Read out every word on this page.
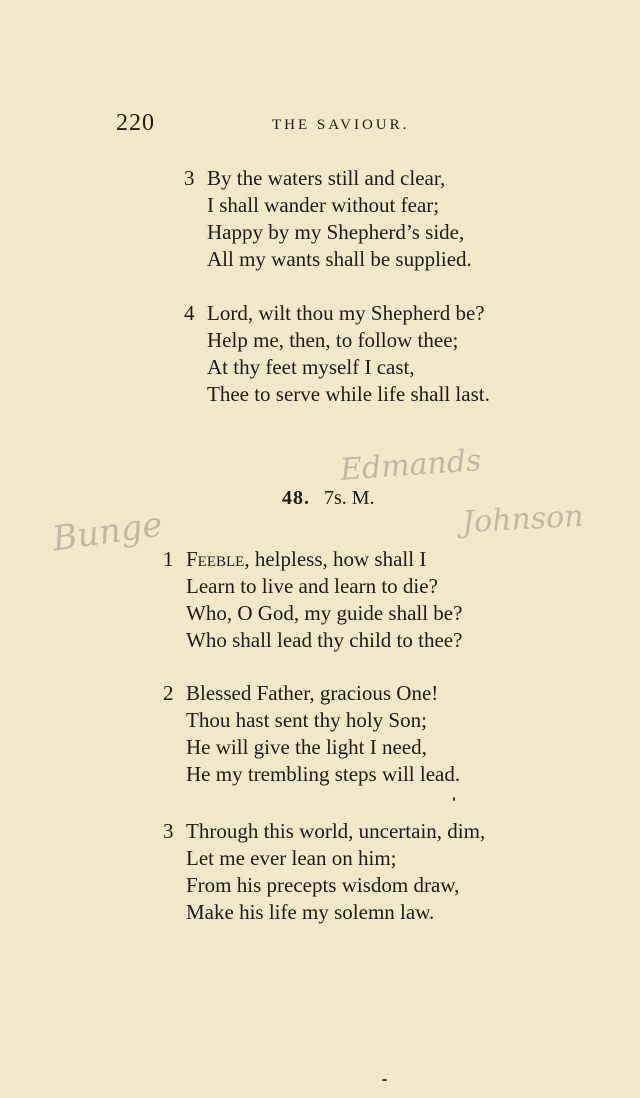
220	THE SAVIOUR.
3 By the waters still and clear,
I shall wander without fear;
Happy by my Shepherd’s side,
All my wants shall be supplied.
4 Lord, wilt thou my Shepherd be?
Help me, then, to follow thee;
At thy feet myself I cast,
Thee to serve while life shall last.
Edmands
Bunge	Johnson
48. 7s. M.
1 Feeble, helpless, how shall I
Learn to live and learn to die?
Who, O God, my guide shall be?
Who shall lead thy child to thee?
2 Blessed Father, gracious One!
Thou hast sent thy holy Son;
He will give the light I need,
He my trembling steps will lead.
3 Through this world, uncertain, dim,
Let me ever lean on him;
From his precepts wisdom draw,
Make his life my solemn law.
